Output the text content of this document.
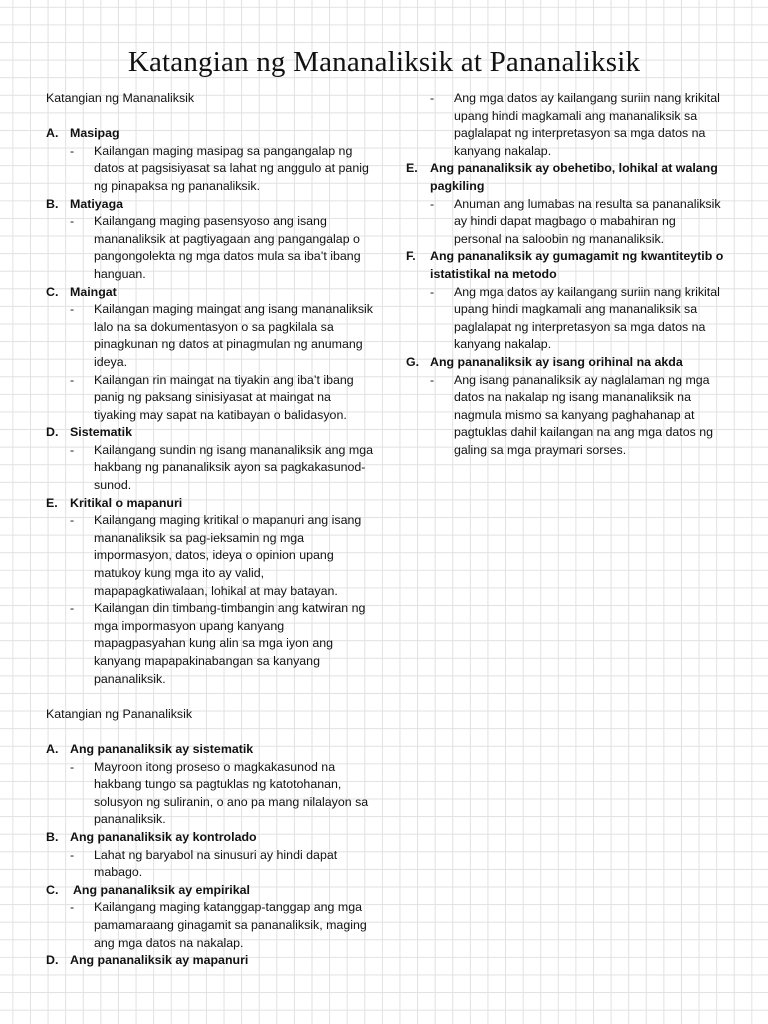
Katangian ng Mananaliksik at Pananaliksik
Katangian ng Mananaliksik
A. Masipag
-	Kailangan maging masipag sa pangangalap ng datos at pagsisiyasat sa lahat ng anggulo at panig ng pinapaksa ng pananaliksik.
B. Matiyaga
-	Kailangang maging pasensyoso ang isang mananaliksik at pagtiyagaan ang pangangalap o pangongolekta ng mga datos mula sa iba’t ibang hanguan.
C. Maingat
-	Kailangan maging maingat ang isang mananaliksik lalo na sa dokumentasyon o sa pagkilala sa pinagkunan ng datos at pinagmulan ng anumang ideya.
-	Kailangan rin maingat na tiyakin ang iba’t ibang panig ng paksang sinisiyasat at maingat na tiyaking may sapat na katibayan o balidasyon.
D. Sistematik
-	Kailangang sundin ng isang mananaliksik ang mga hakbang ng pananaliksik ayon sa pagkakasunod-sunod.
E. Kritikal o mapanuri
-	Kailangang maging kritikal o mapanuri ang isang mananaliksik sa pag-ieksamin ng mga impormasyon, datos, ideya o opinion upang matukoy kung mga ito ay valid, mapapagkatiwalaan, lohikal at may batayan.
-	Kailangan din timbang-timbangin ang katwiran ng mga impormasyon upang kanyang mapagpasyahan kung alin sa mga iyon ang kanyang mapapakinabangan sa kanyang pananaliksik.
Katangian ng Pananaliksik
A. Ang pananaliksik ay sistematik
-	Mayroon itong proseso o magkakasunod na hakbang tungo sa pagtuklas ng katotohanan, solusyon ng suliranin, o ano pa mang nilalayon sa pananaliksik.
B. Ang pananaliksik ay kontrolado
-	Lahat ng baryabol na sinusuri ay hindi dapat mabago.
C. Ang pananaliksik ay empirikal
-	Kailangang maging katanggap-tanggap ang mga pamamaraang ginagamit sa pananaliksik, maging ang mga datos na nakalap.
D. Ang pananaliksik ay mapanuri
-	Ang mga datos ay kailangang suriin nang krikital upang hindi magkamali ang mananaliksik sa paglalapat ng interpretasyon sa mga datos na kanyang nakalap.
E. Ang pananaliksik ay obehetibo, lohikal at walang pagkiling
-	Anuman ang lumabas na resulta sa pananaliksik ay hindi dapat magbago o mabahiran ng personal na saloobin ng mananaliksik.
F.	Ang pananaliksik ay gumagamit ng kwantiteytib o istatistikal na metodo
-	Ang mga datos ay kailangang suriin nang krikital upang hindi magkamali ang mananaliksik sa paglalapat ng interpretasyon sa mga datos na kanyang nakalap.
G. Ang pananaliksik ay isang orihinal na akda
-	Ang isang pananaliksik ay naglalaman ng mga datos na nakalap ng isang mananaliksik na nagmula mismo sa kanyang paghahanap at pagtuklas dahil kailangan na ang mga datos ng galing sa mga praymari sorses.
